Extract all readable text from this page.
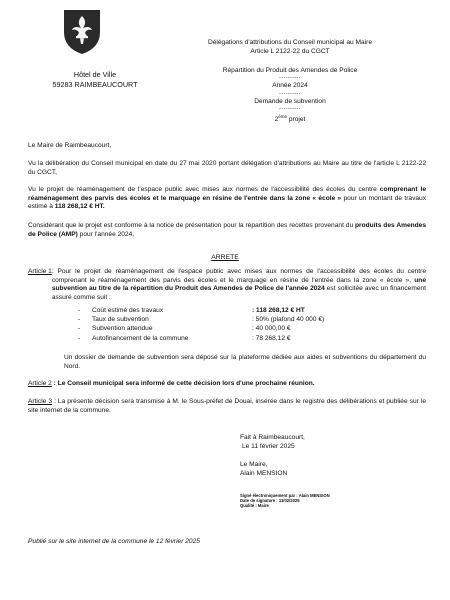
Hôtel de Ville
59283 RAIMBEAUCOURT
Délégations d'attributions du Conseil municipal au Maire
Article L 2122-22 du CGCT
Répartition du Produit des Amendes de Police
----------
Année 2024
----------
Demande de subvention
----------
2ème projet
Le Maire de Raimbeaucourt,
Vu la délibération du Conseil municipal en date du 27 mai 2020 portant délégation d'attributions au Maire au titre de l'article L 2122-22 du CGCT,
Vu le projet de réaménagement de l'espace public avec mises aux normes de l'accessibilité des écoles du centre comprenant le réaménagement des parvis des écoles et le marquage en résine de l'entrée dans la zone « école » pour un montant de travaux estimé à 118 268,12 € HT.
Considérant que le projet est conforme à la notice de présentation pour la répartition des recettes provenant du produits des Amendes de Police (AMP) pour l'année 2024,
ARRETE
Article 1 : Pour le projet de réaménagement de l'espace public avec mises aux normes de l'accessibilité des écoles du centre comprenant le réaménagement des parvis des écoles et le marquage en résine de l'entrée dans la zone « école », une subvention au titre de la répartition du Produit des Amendes de Police de l'année 2024 est sollicitée avec un financement assuré comme suit :
-	Coût estimé des travaux	: 118 268,12 € HT
-	Taux de subvention	: 50% (plafond 40 000 €)
-	Subvention attendue	: 40 000,00 €
-	Autofinancement de la commune	: 78 268,12 €
Un dossier de demande de subvention sera déposé sur la plateforme dédiée aux aides et subventions du département du Nord.
Article 2 : Le Conseil municipal sera informé de cette décision lors d'une prochaine réunion.
Article 3 : La présente décision sera transmise à M. le Sous-préfet de Douai, insérée dans le registre des délibérations et publiée sur le site internet de la commune.
Fait à Raimbeaucourt,
Le 11 février 2025
Le Maire,
Alain MENSION
Signé électroniquement par : Alain MENSION
Date de signature : 11/02/2025
Qualité : Maire
Publié sur le site internet de la commune le 12 février 2025
